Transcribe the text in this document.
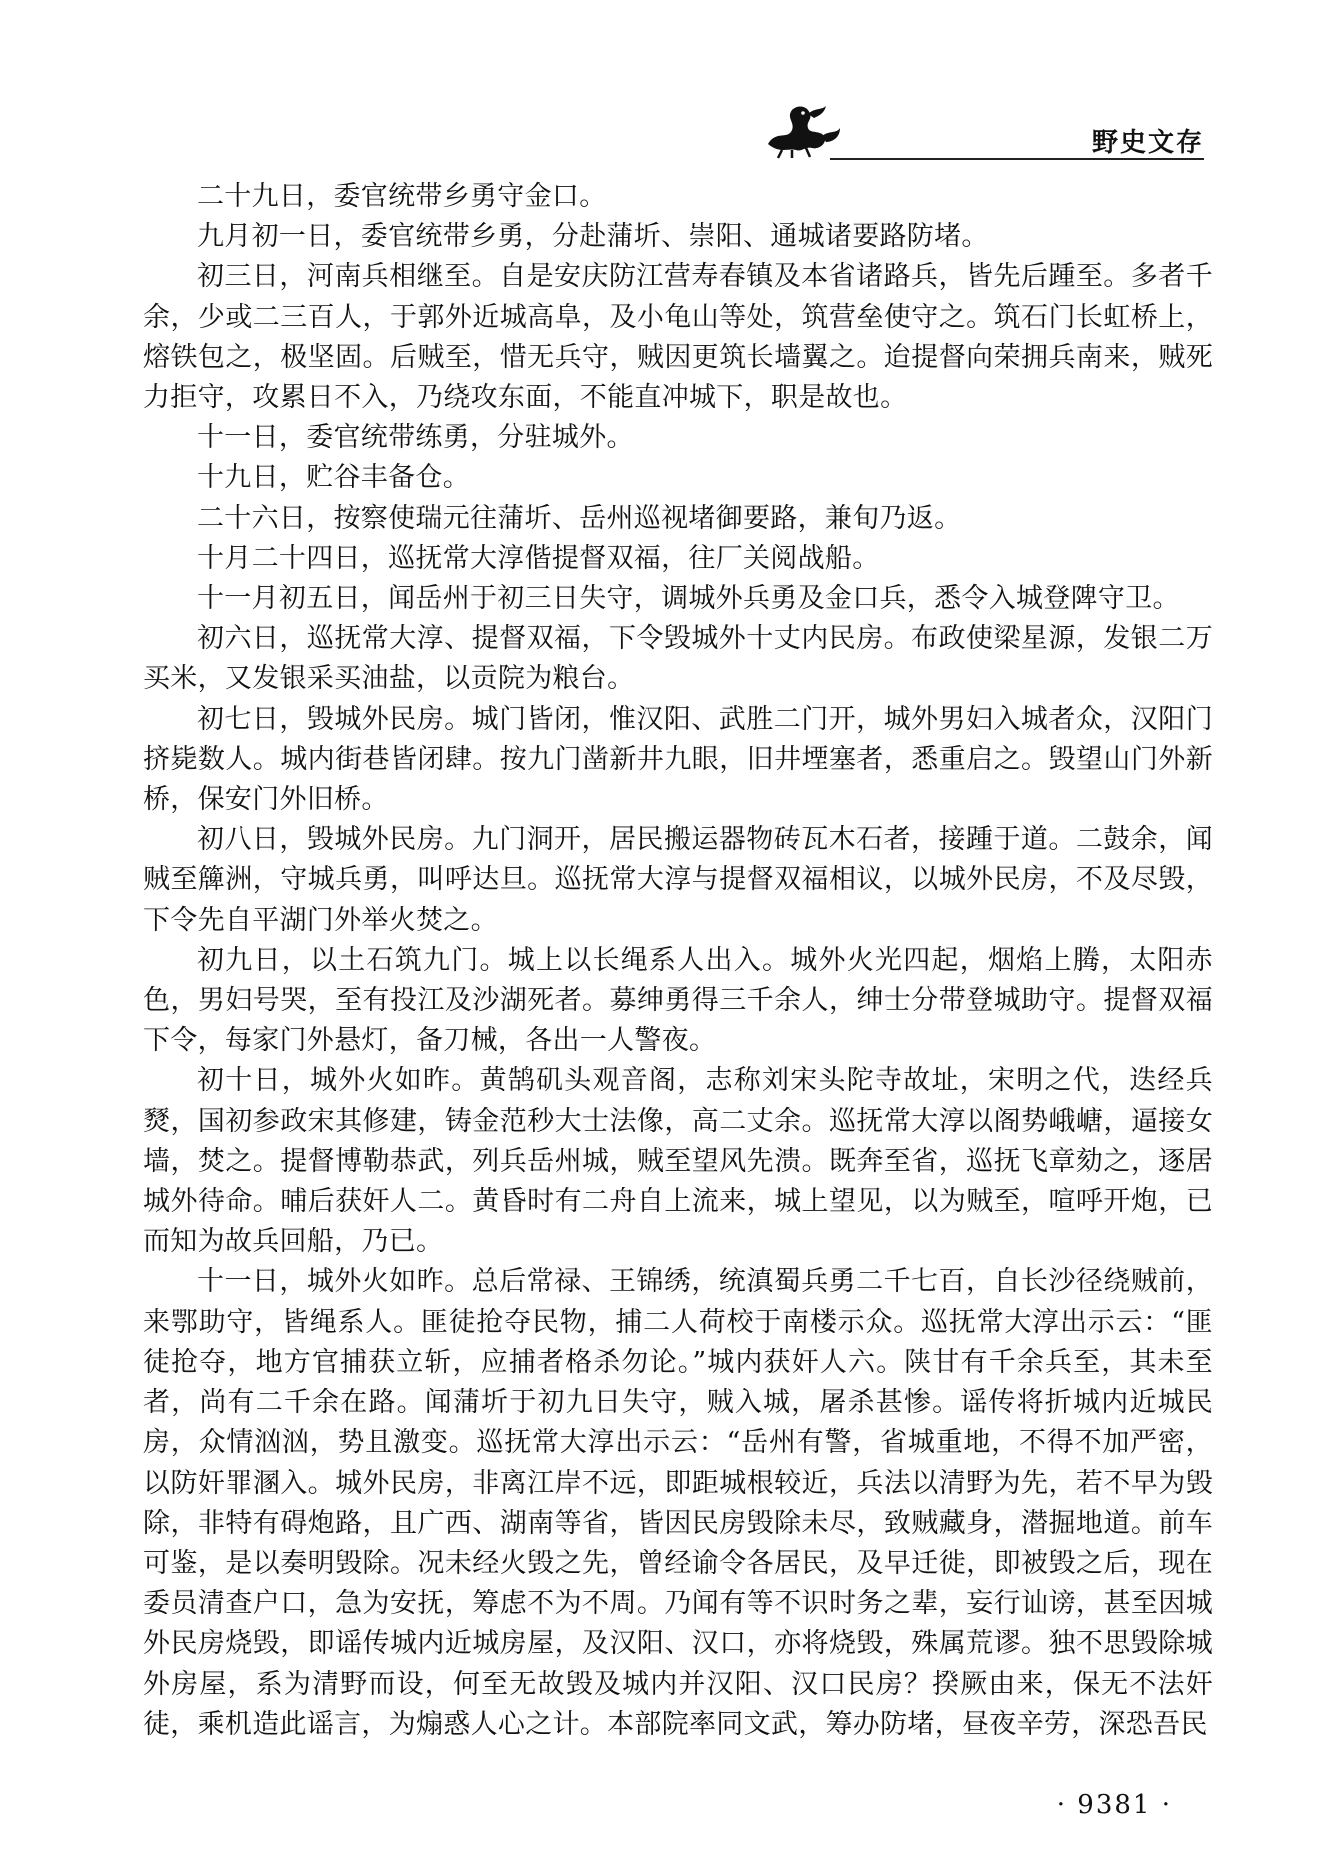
野史文存

二十九日，委官统带乡勇守金口。

九月初一日，委官统带乡勇，分赴蒲圻、崇阳、通城诸要路防堵。

初三日，河南兵相继至。自是安庆防江营寿春镇及本省诸路兵，皆先后踵至。多者千余，少或二三百人，于郭外近城高阜，及小龟山等处，筑营垒使守之。筑石门长虹桥上，熔铁包之，极坚固。后贼至，惜无兵守，贼因更筑长墙翼之。迨提督向荣拥兵南来，贼死力拒守，攻累日不入，乃绕攻东面，不能直冲城下，职是故也。

十一日，委官统带练勇，分驻城外。

十九日，贮谷丰备仓。

二十六日，按察使瑞元往蒲圻、岳州巡视堵御要路，兼旬乃返。

十月二十四日，巡抚常大淳偕提督双福，往厂关阅战船。

十一月初五日，闻岳州于初三日失守，调城外兵勇及金口兵，悉令入城登陴守卫。

初六日，巡抚常大淳、提督双福，下令毁城外十丈内民房。布政使梁星源，发银二万买米，又发银采买油盐，以贡院为粮台。

初七日，毁城外民房。城门皆闭，惟汉阳、武胜二门开，城外男妇入城者众，汉阳门挤毙数人。城内街巷皆闭肆。按九门凿新井九眼，旧井堙塞者，悉重启之。毁望山门外新桥，保安门外旧桥。

初八日，毁城外民房。九门洞开，居民搬运器物砖瓦木石者，接踵于道。二鼓余，闻贼至簰洲，守城兵勇，叫呼达旦。巡抚常大淳与提督双福相议，以城外民房，不及尽毁，下令先自平湖门外举火焚之。

初九日，以土石筑九门。城上以长绳系人出入。城外火光四起，烟焰上腾，太阳赤色，男妇号哭，至有投江及沙湖死者。募绅勇得三千余人，绅士分带登城助守。提督双福下令，每家门外悬灯，备刀械，各出一人警夜。

初十日，城外火如昨。黄鹄矶头观音阁，志称刘宋头陀寺故址，宋明之代，迭经兵燹，国初参政宋其修建，铸金范秒大士法像，高二丈余。巡抚常大淳以阁势峨嵣，逼接女墙，焚之。提督博勒恭武，列兵岳州城，贼至望风先溃。既奔至省，巡抚飞章劾之，逐居城外待命。晡后获奸人二。黄昏时有二舟自上流来，城上望见，以为贼至，喧呼开炮，已而知为故兵回船，乃已。

十一日，城外火如昨。总后常禄、王锦绣，统滇蜀兵勇二千七百，自长沙径绕贼前，来鄂助守，皆绳系人。匪徒抢夺民物，捕二人荷校于南楼示众。巡抚常大淳出示云：“匪徒抢夺，地方官捕获立斩，应捕者格杀勿论。”城内获奸人六。陕甘有千余兵至，其未至者，尚有二千余在路。闻蒲圻于初九日失守，贼入城，屠杀甚惨。谣传将折城内近城民房，众情汹汹，势且激变。巡抚常大淳出示云：“岳州有警，省城重地，不得不加严密，以防奸罪溷入。城外民房，非离江岸不远，即距城根较近，兵法以清野为先，若不早为毁除，非特有碍炮路，且广西、湖南等省，皆因民房毁除未尽，致贼藏身，潜掘地道。前车可鉴，是以奏明毁除。况未经火毁之先，曾经谕令各居民，及早迁徙，即被毁之后，现在委员清查户口，急为安抚，筹虑不为不周。乃闻有等不识时务之辈，妄行讪谤，甚至因城外民房烧毁，即谣传城内近城房屋，及汉阳、汉口，亦将烧毁，殊属荒谬。独不思毁除城外房屋，系为清野而设，何至无故毁及城内并汉阳、汉口民房？揆厥由来，保无不法奸徒，乘机造此谣言，为煽惑人心之计。本部院率同文武，筹办防堵，昼夜辛劳，深恐吾民

· 9381 ·
